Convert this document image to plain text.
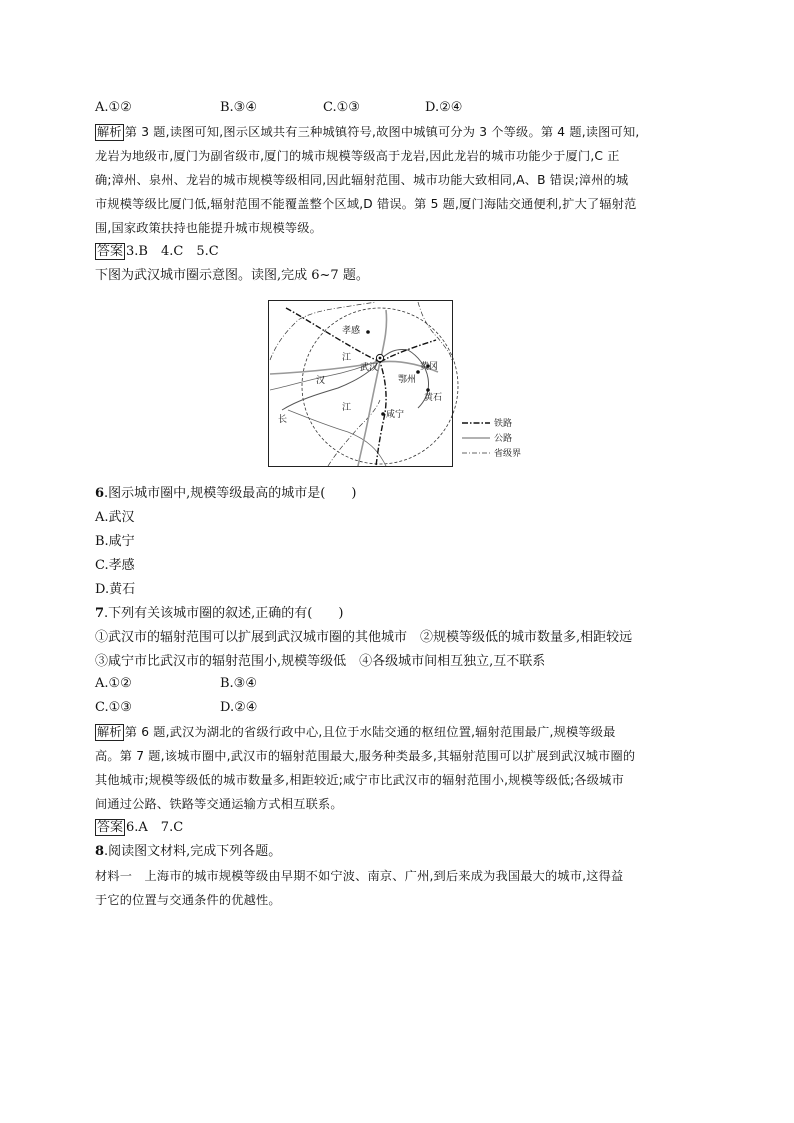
A.①②	B.③④	C.①③	D.②④
解析 第 3 题,读图可知,图示区域共有三种城镇符号,故图中城镇可分为 3 个等级。第 4 题,读图可知,
龙岩为地级市,厦门为副省级市,厦门的城市规模等级高于龙岩,因此龙岩的城市功能少于厦门,C 正
确;漳州、泉州、龙岩的城市规模等级相同,因此辐射范围、城市功能大致相同,A、B 错误;漳州的城
市规模等级比厦门低,辐射范围不能覆盖整个区域,D 错误。第 5 题,厦门海陆交通便利,扩大了辐射范
围,国家政策扶持也能提升城市规模等级。
答案 3.B　4.C　5.C
下图为武汉城市圈示意图。读图,完成 6~7 题。
孝感
武汉
鄂州
黄冈
黄石
咸宁
汉
江
江
长	铁路
公路
省级界
6.图示城市圈中,规模等级最高的城市是(　　)
A.武汉
B.咸宁
C.孝感
D.黄石
7.下列有关该城市圈的叙述,正确的有(　　)
①武汉市的辐射范围可以扩展到武汉城市圈的其他城市　②规模等级低的城市数量多,相距较远
③咸宁市比武汉市的辐射范围小,规模等级低　④各级城市间相互独立,互不联系
A.①②	B.③④
C.①③	D.②④
解析 第 6 题,武汉为湖北的省级行政中心,且位于水陆交通的枢纽位置,辐射范围最广,规模等级最
高。第 7 题,该城市圈中,武汉市的辐射范围最大,服务种类最多,其辐射范围可以扩展到武汉城市圈的
其他城市;规模等级低的城市数量多,相距较近;咸宁市比武汉市的辐射范围小,规模等级低;各级城市
间通过公路、铁路等交通运输方式相互联系。
答案 6.A　7.C
8.阅读图文材料,完成下列各题。
材料一　上海市的城市规模等级由早期不如宁波、南京、广州,到后来成为我国最大的城市,这得益
于它的位置与交通条件的优越性。
